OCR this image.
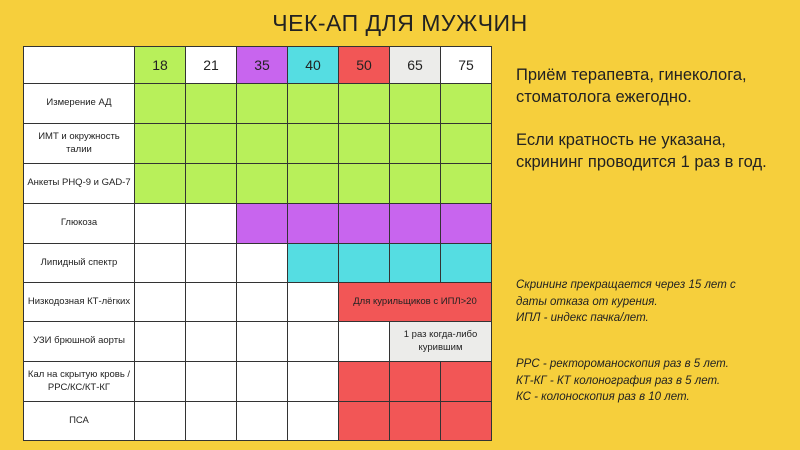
ЧЕК-АП ДЛЯ МУЖЧИН
	18	21	35	40	50	65	75
Измерение АД							
ИМТ и окружность талии							
Анкеты PHQ-9 и GAD-7							
Глюкоза							
Липидный спектр							
Низкодозная КТ-лёгких					Для курильщиков с ИПЛ>20		
УЗИ брюшной аорты						1 раз когда-либо курившим	
Кал на скрытую кровь /РРС/КС/КТ-КГ							
ПСА							

Приём терапевта, гинеколога, стоматолога ежегодно.

Если кратность не указана, скрининг проводится 1 раз в год.

Скрининг прекращается через 15 лет с
даты отказа от курения.
ИПЛ - индекс пачка/лет.
РРС - ректороманоскопия раз в 5 лет.
КТ-КГ - КТ колонография раз в 5 лет.
КС - колоноскопия раз в 10 лет.
